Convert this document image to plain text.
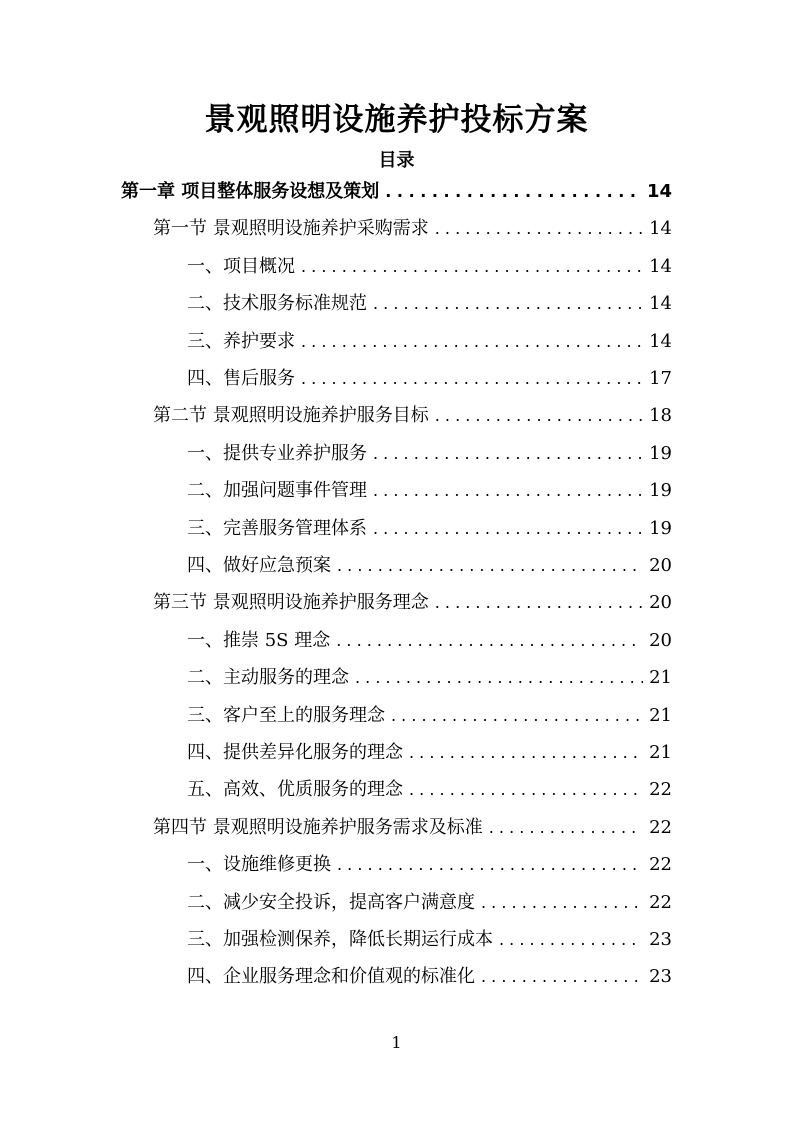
景观照明设施养护投标方案
目录
第一章 项目整体服务设想及策划 . . .	14
第一节 景观照明设施养护采购需求 . . .	14
一、项目概况 . . .	14
二、技术服务标准规范 . . .	14
三、养护要求 . . .	14
四、售后服务 . . .	17
第二节 景观照明设施养护服务目标 . . .	18
一、提供专业养护服务 . . .	19
二、加强问题事件管理 . . .	19
三、完善服务管理体系 . . .	19
四、做好应急预案 . . .	20
第三节 景观照明设施养护服务理念 . . .	20
一、推崇 5S 理念 . . .	20
二、主动服务的理念 . . .	21
三、客户至上的服务理念 . . .	21
四、提供差异化服务的理念 . . .	21
五、高效、优质服务的理念 . . .	22
第四节 景观照明设施养护服务需求及标准 . . .	22
一、设施维修更换 . . .	22
二、减少安全投诉，提高客户满意度 . . .	22
三、加强检测保养，降低长期运行成本 . . .	23
四、企业服务理念和价值观的标准化 . . .	23
1
